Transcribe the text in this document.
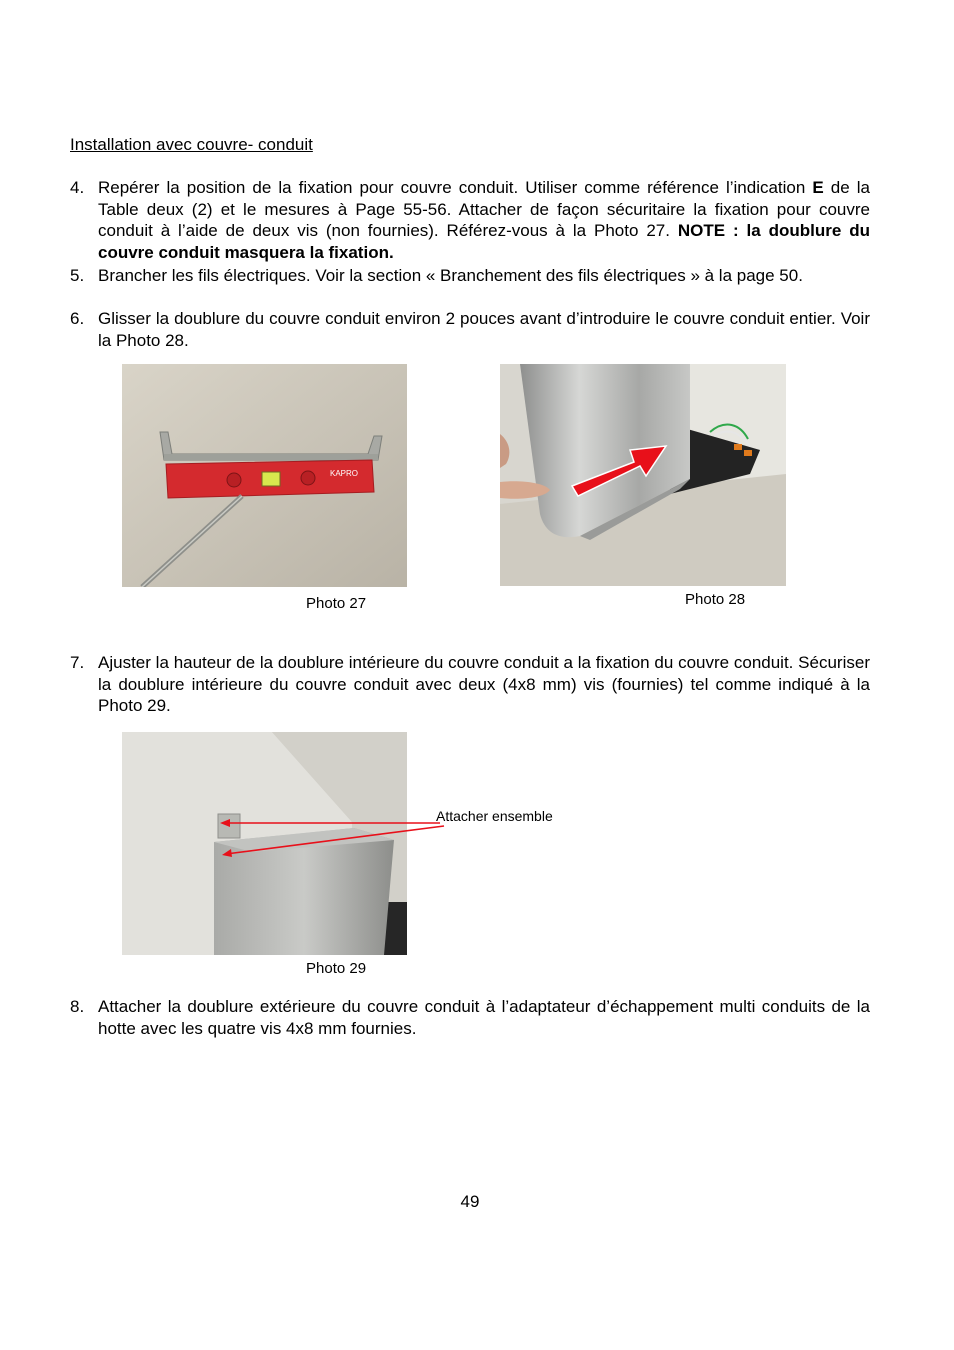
Installation avec couvre- conduit
4. Repérer la position de la fixation pour couvre conduit. Utiliser comme référence l’indication E de la Table deux (2) et le mesures à Page 55-56. Attacher de façon sécuritaire la fixation pour couvre conduit à l’aide de deux vis (non fournies). Référez-vous à la Photo 27. NOTE : la doublure du couvre conduit masquera la fixation.
5. Brancher les fils électriques. Voir la section « Branchement des fils électriques » à la page 50.
6. Glisser la doublure du couvre conduit environ 2 pouces avant d’introduire le couvre conduit entier. Voir la Photo 28.
KAPRO
Photo 27	Photo 28
7. Ajuster la hauteur de la doublure intérieure du couvre conduit a la fixation du couvre conduit. Sécuriser la doublure intérieure du couvre conduit avec deux (4x8 mm) vis (fournies) tel comme indiqué à la Photo 29.
Attacher ensemble
Photo 29
8. Attacher la doublure extérieure du couvre conduit à l’adaptateur d’échappement multi conduits de la hotte avec les quatre vis 4x8 mm fournies.
49
